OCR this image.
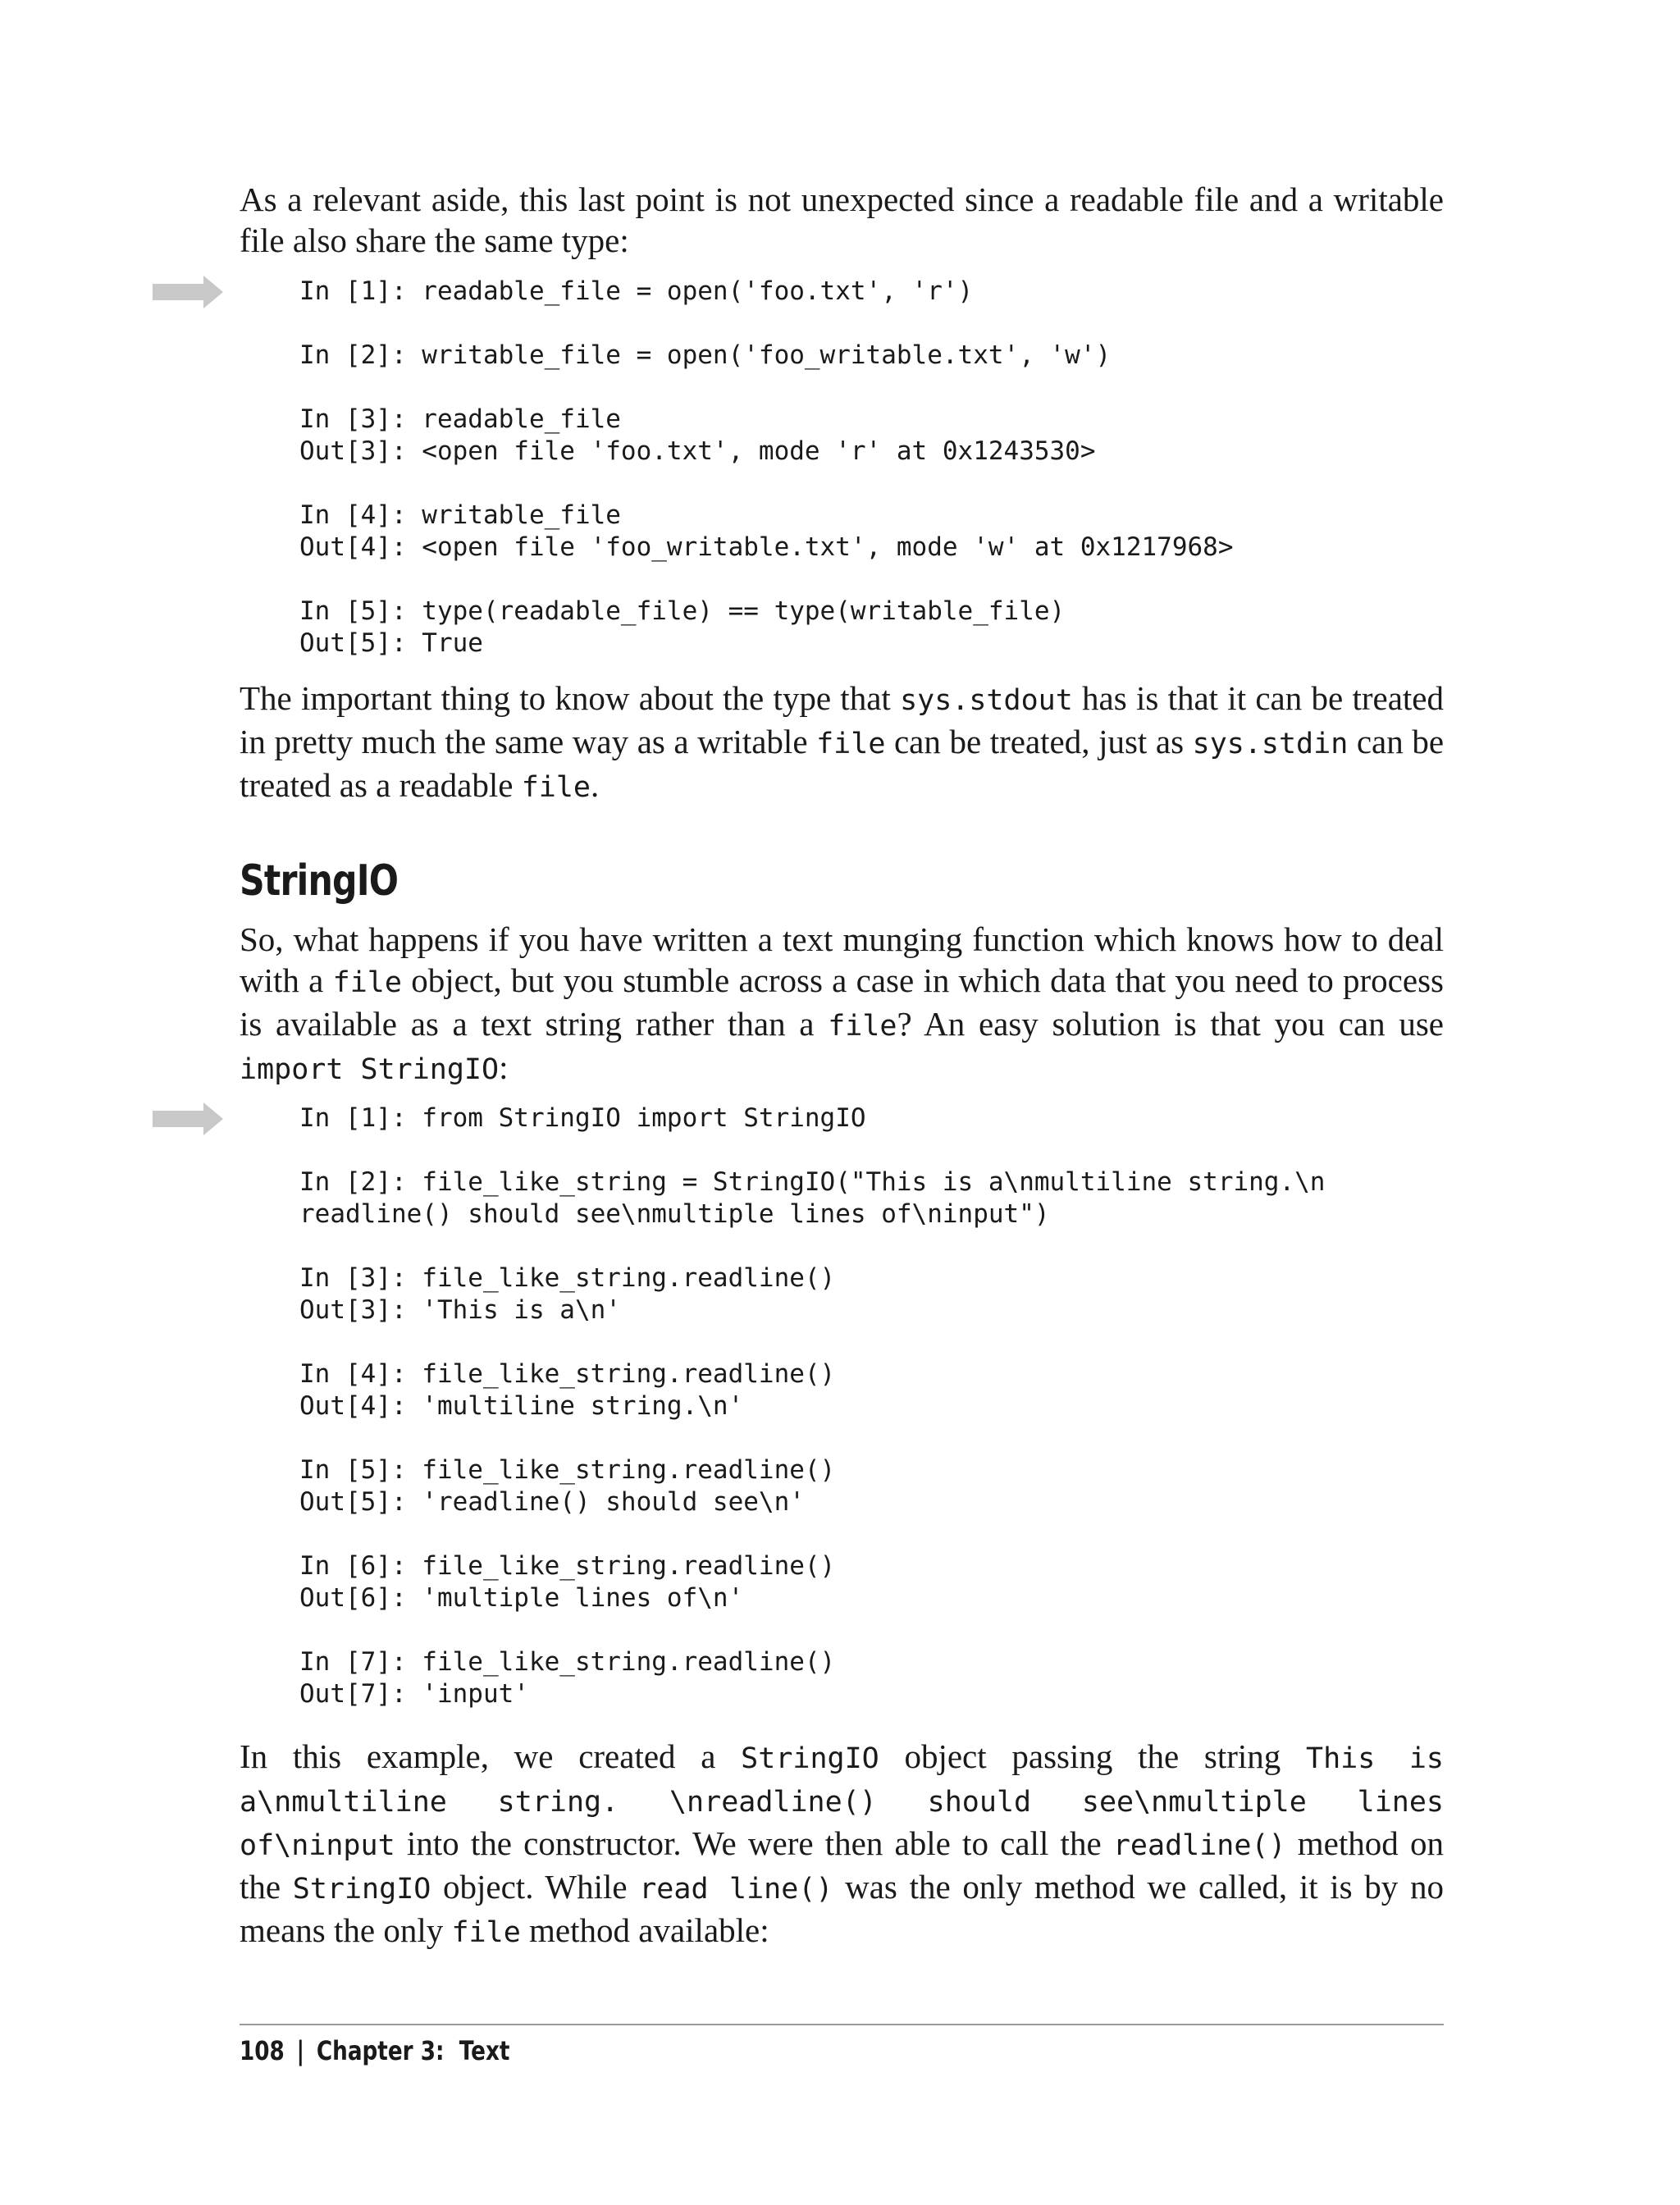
As a relevant aside, this last point is not unexpected since a readable file and a writable file also share the same type:

In [1]: readable_file = open('foo.txt', 'r')

In [2]: writable_file = open('foo_writable.txt', 'w')

In [3]: readable_file
Out[3]: <open file 'foo.txt', mode 'r' at 0x1243530>

In [4]: writable_file
Out[4]: <open file 'foo_writable.txt', mode 'w' at 0x1217968>

In [5]: type(readable_file) == type(writable_file)
Out[5]: True

The important thing to know about the type that sys.stdout has is that it can be treated in pretty much the same way as a writable file can be treated, just as sys.stdin can be treated as a readable file.

StringIO

So, what happens if you have written a text munging function which knows how to deal with a file object, but you stumble across a case in which data that you need to process is available as a text string rather than a file? An easy solution is that you can use import StringIO:

In [1]: from StringIO import StringIO

In [2]: file_like_string = StringIO("This is a\nmultiline string.\n
readline() should see\nmultiple lines of\ninput")

In [3]: file_like_string.readline()
Out[3]: 'This is a\n'

In [4]: file_like_string.readline()
Out[4]: 'multiline string.\n'

In [5]: file_like_string.readline()
Out[5]: 'readline() should see\n'

In [6]: file_like_string.readline()
Out[6]: 'multiple lines of\n'

In [7]: file_like_string.readline()
Out[7]: 'input'

In this example, we created a StringIO object passing the string This is a\nmultiline string. \nreadline() should see\nmultiple lines of\ninput into the constructor. We were then able to call the readline() method on the StringIO object. While read line() was the only method we called, it is by no means the only file method available:

108 | Chapter 3:  Text
